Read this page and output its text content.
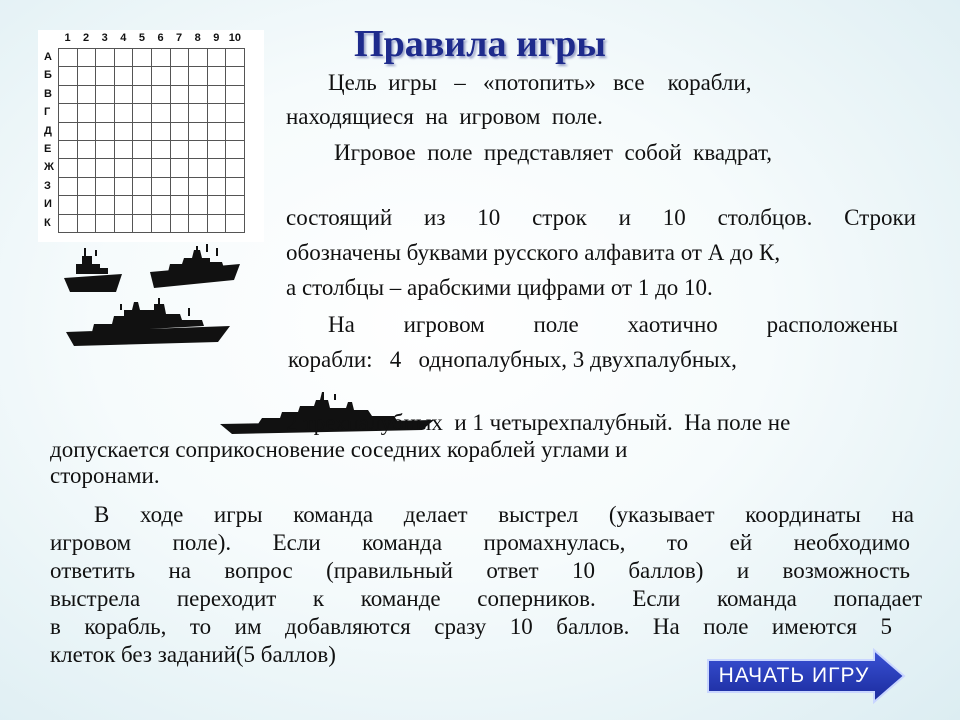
1	2	3	4	5	6	7	8	9 10
А
Б
В
Г
Д
Е
Ж
З
И
К

Правила игры
Цель  игры   –   «потопить»   все    корабли,
находящиеся  на  игровом  поле.
Игровое  поле  представляет  собой  квадрат,
состоящий из 10 строк и 10 столбцов. Строки
обозначены буквами русского алфавита от А до К,
а столбцы – арабскими цифрами от 1 до 10.
На игровом поле хаотично расположены
корабли:   4   однопалубных, 3 двухпалубных,
2 трехпалубных  и 1 четырехпалубный.  На поле не
допускается соприкосновение соседних кораблей углами и
сторонами.
В ходе игры команда делает выстрел (указывает координаты на
игровом поле). Если команда промахнулась, то ей необходимо
ответить на вопрос (правильный ответ 10 баллов) и возможность
выстрела переходит к команде соперников. Если команда попадает
в корабль, то им добавляются сразу 10 баллов. На поле имеются 5
клеток без заданий(5 баллов)
НАЧАТЬ ИГРУ
